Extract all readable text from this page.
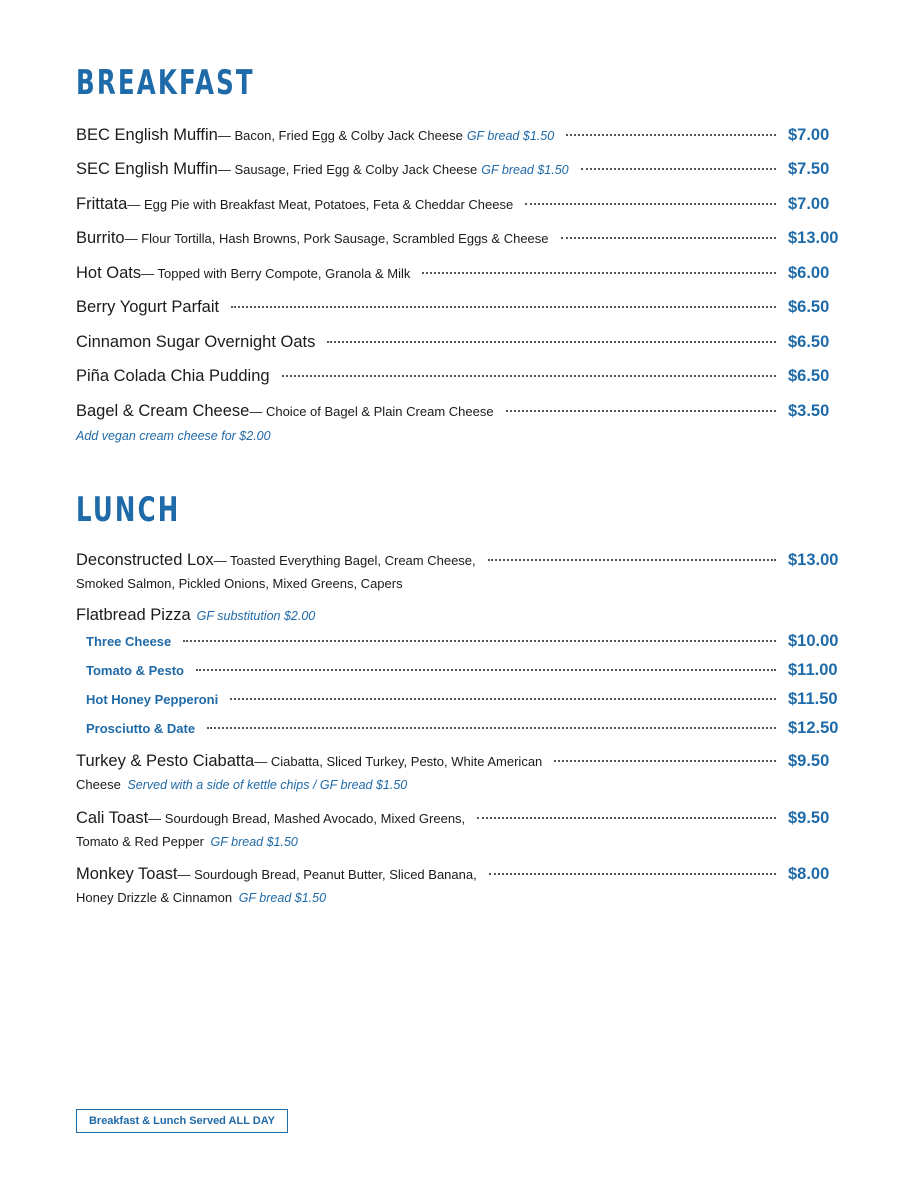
BREAKFAST
BEC English Muffin — Bacon, Fried Egg & Colby Jack Cheese GF bread $1.50	$7.00
SEC English Muffin — Sausage, Fried Egg & Colby Jack Cheese GF bread $1.50	$7.50
Frittata — Egg Pie with Breakfast Meat, Potatoes, Feta & Cheddar Cheese	$7.00
Burrito — Flour Tortilla, Hash Browns, Pork Sausage, Scrambled Eggs & Cheese	$13.00
Hot Oats — Topped with Berry Compote, Granola & Milk	$6.00
Berry Yogurt Parfait	$6.50
Cinnamon Sugar Overnight Oats	$6.50
Piña Colada Chia Pudding	$6.50
Bagel & Cream Cheese — Choice of Bagel & Plain Cream Cheese	$3.50
Add vegan cream cheese for $2.00
LUNCH
Deconstructed Lox — Toasted Everything Bagel, Cream Cheese,	$13.00
Smoked Salmon, Pickled Onions, Mixed Greens, Capers
Flatbread Pizza GF substitution $2.00
Three Cheese	$10.00
Tomato & Pesto	$11.00
Hot Honey Pepperoni	$11.50
Prosciutto & Date	$12.50
Turkey & Pesto Ciabatta — Ciabatta, Sliced Turkey, Pesto, White American	$9.50
Cheese Served with a side of kettle chips / GF bread $1.50
Cali Toast — Sourdough Bread, Mashed Avocado, Mixed Greens,	$9.50
Tomato & Red Pepper GF bread $1.50
Monkey Toast — Sourdough Bread, Peanut Butter, Sliced Banana,	$8.00
Honey Drizzle & Cinnamon GF bread $1.50
Breakfast & Lunch Served ALL DAY
